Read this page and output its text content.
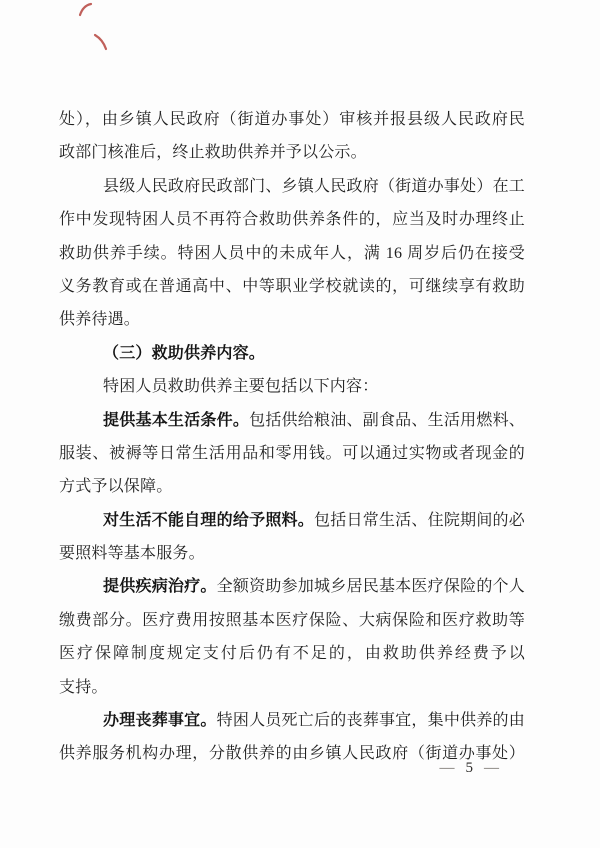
处），由乡镇人民政府（街道办事处）审核并报县级人民政府民
政部门核准后，终止救助供养并予以公示。
县级人民政府民政部门、乡镇人民政府（街道办事处）在工
作中发现特困人员不再符合救助供养条件的，应当及时办理终止
救助供养手续。特困人员中的未成年人，满 16 周岁后仍在接受
义务教育或在普通高中、中等职业学校就读的，可继续享有救助
供养待遇。
（三）救助供养内容。
特困人员救助供养主要包括以下内容：
提供基本生活条件。包括供给粮油、副食品、生活用燃料、
服装、被褥等日常生活用品和零用钱。可以通过实物或者现金的
方式予以保障。
对生活不能自理的给予照料。包括日常生活、住院期间的必
要照料等基本服务。
提供疾病治疗。全额资助参加城乡居民基本医疗保险的个人
缴费部分。医疗费用按照基本医疗保险、大病保险和医疗救助等
医疗保障制度规定支付后仍有不足的，由救助供养经费予以
支持。
办理丧葬事宜。特困人员死亡后的丧葬事宜，集中供养的由
供养服务机构办理，分散供养的由乡镇人民政府（街道办事处）
— 5 —
